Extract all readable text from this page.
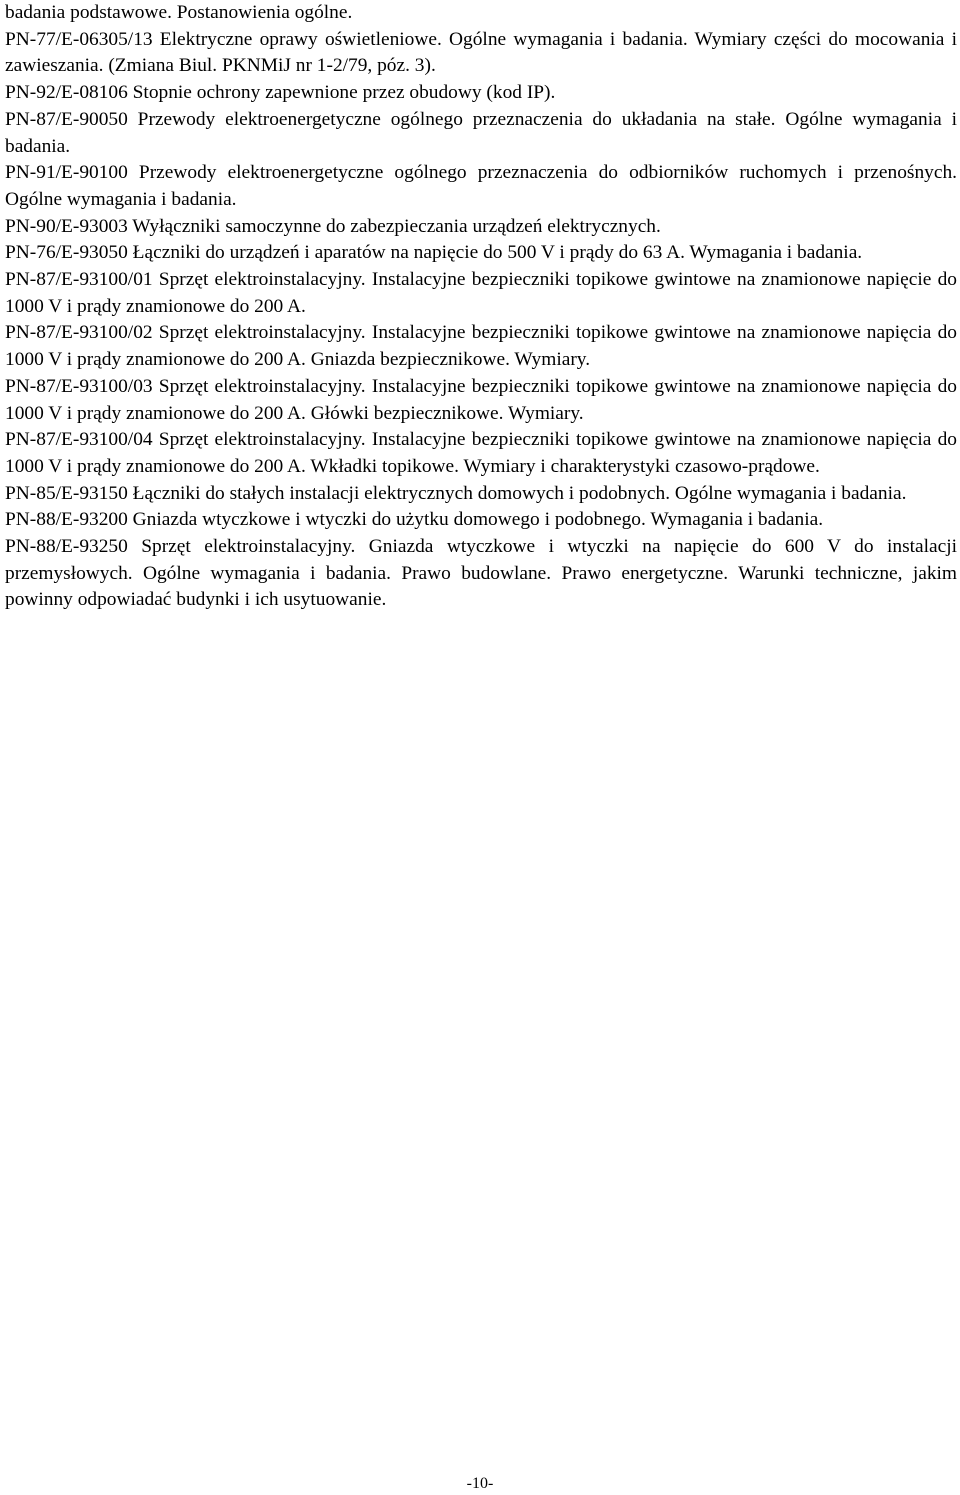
badania podstawowe. Postanowienia ogólne.

PN-77/E-06305/13 Elektryczne oprawy oświetleniowe. Ogólne wymagania i badania. Wymiary części do mocowania i zawieszania. (Zmiana Biul. PKNMiJ nr 1-2/79, póz. 3).

PN-92/E-08106 Stopnie ochrony zapewnione przez obudowy (kod IP).

PN-87/E-90050 Przewody elektroenergetyczne ogólnego przeznaczenia do układania na stałe. Ogólne wymagania i badania.

PN-91/E-90100 Przewody elektroenergetyczne ogólnego przeznaczenia do odbiorników ruchomych i przenośnych. Ogólne wymagania i badania.

PN-90/E-93003 Wyłączniki samoczynne do zabezpieczania urządzeń elektrycznych.

PN-76/E-93050 Łączniki do urządzeń i aparatów na napięcie do 500 V i prądy do 63 A. Wymagania i badania.

PN-87/E-93100/01 Sprzęt elektroinstalacyjny. Instalacyjne bezpieczniki topikowe gwintowe na znamionowe napięcie do 1000 V i prądy znamionowe do 200 A.

PN-87/E-93100/02 Sprzęt elektroinstalacyjny. Instalacyjne bezpieczniki topikowe gwintowe na znamionowe napięcia do 1000 V i prądy znamionowe do 200 A. Gniazda bezpiecznikowe. Wymiary.

PN-87/E-93100/03 Sprzęt elektroinstalacyjny. Instalacyjne bezpieczniki topikowe gwintowe na znamionowe napięcia do 1000 V i prądy znamionowe do 200 A. Główki bezpiecznikowe. Wymiary.

PN-87/E-93100/04 Sprzęt elektroinstalacyjny. Instalacyjne bezpieczniki topikowe gwintowe na znamionowe napięcia do 1000 V i prądy znamionowe do 200 A. Wkładki topikowe. Wymiary i charakterystyki czasowo-prądowe.

PN-85/E-93150 Łączniki do stałych instalacji elektrycznych domowych i podobnych. Ogólne wymagania i badania.

PN-88/E-93200 Gniazda wtyczkowe i wtyczki do użytku domowego i podobnego. Wymagania i badania.

PN-88/E-93250 Sprzęt elektroinstalacyjny. Gniazda wtyczkowe i wtyczki na napięcie do 600 V do instalacji przemysłowych. Ogólne wymagania i badania. Prawo budowlane. Prawo energetyczne. Warunki techniczne, jakim powinny odpowiadać budynki i ich usytuowanie.

-10-
